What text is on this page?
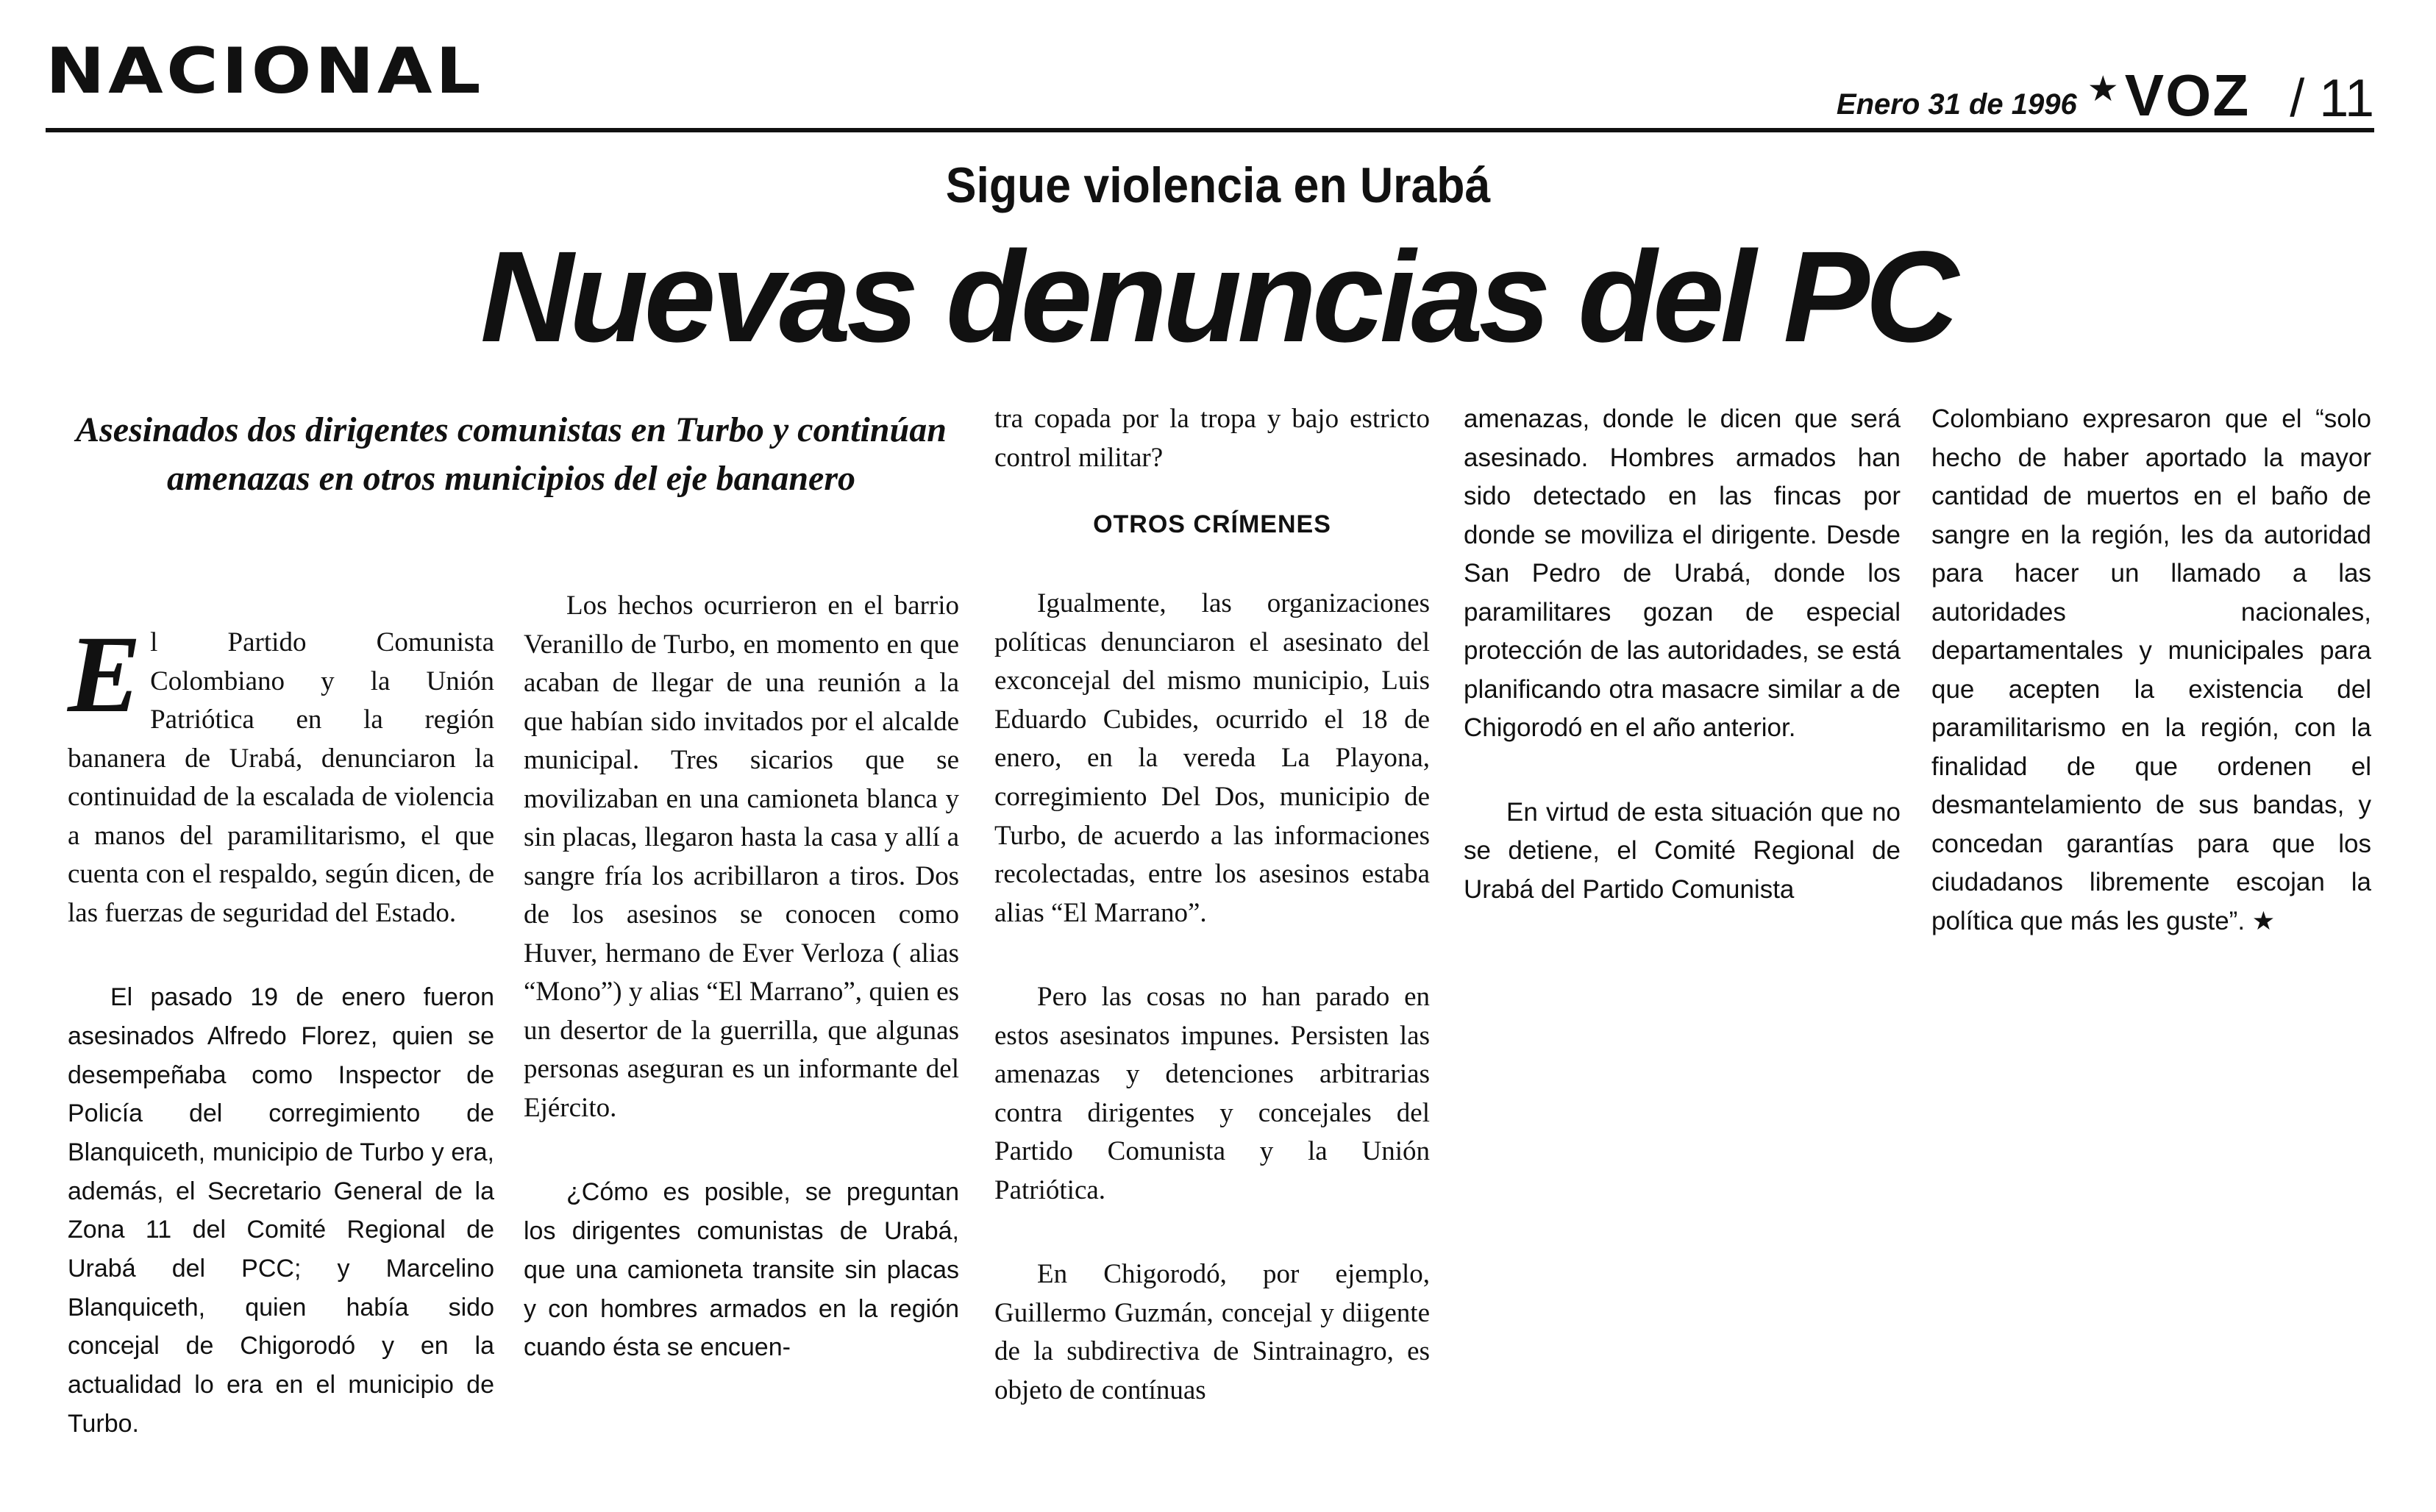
NACIONAL	Enero 31 de 1996 ★ VOZ / 11
Sigue violencia en Urabá
Nuevas denuncias del PC
Asesinados dos dirigentes comunistas en Turbo y continúan amenazas en otros municipios del eje bananero

El Partido Comunista Colombiano y la Unión Patriótica en la región bananera de Urabá, denunciaron la continuidad de la escalada de violencia a manos del paramilitarismo, el que cuenta con el respaldo, según dicen, de las fuerzas de seguridad del Estado.

El pasado 19 de enero fueron asesinados Alfredo Florez, quien se desempeñaba como Inspector de Policía del corregimiento de Blanquiceth, municipio de Turbo y era, además, el Secretario General de la Zona 11 del Comité Regional de Urabá del PCC; y Marcelino Blanquiceth, quien había sido concejal de Chigorodó y en la actualidad lo era en el municipio de Turbo.

Los hechos ocurrieron en el barrio Veranillo de Turbo, en momento en que acaban de llegar de una reunión a la que habían sido invitados por el alcalde municipal. Tres sicarios que se movilizaban en una camioneta blanca y sin placas, llegaron hasta la casa y allí a sangre fría los acribillaron a tiros. Dos de los asesinos se conocen como Huver, hermano de Ever Verloza ( alias “Mono”) y alias “El Marrano”, quien es un desertor de la guerrilla, que algunas personas aseguran es un informante del Ejército.

¿Cómo es posible, se preguntan los dirigentes comunistas de Urabá, que una camioneta transite sin placas y con hombres armados en la región cuando ésta se encuen-

tra copada por la tropa y bajo estricto control militar?

OTROS CRÍMENES

Igualmente, las organizaciones políticas denunciaron el asesinato del exconcejal del mismo municipio, Luis Eduardo Cubides, ocurrido el 18 de enero, en la vereda La Playona, corregimiento Del Dos, municipio de Turbo, de acuerdo a las informaciones recolectadas, entre los asesinos estaba alias “El Marrano”.

Pero las cosas no han parado en estos asesinatos impunes. Persisten las amenazas y detenciones arbitrarias contra dirigentes y concejales del Partido Comunista y la Unión Patriótica.

En Chigorodó, por ejemplo, Guillermo Guzmán, concejal y diigente de la subdirectiva de Sintrainagro, es objeto de contínuas

amenazas, donde le dicen que será asesinado. Hombres armados han sido detectado en las fincas por donde se moviliza el dirigente. Desde San Pedro de Urabá, donde los paramilitares gozan de especial protección de las autoridades, se está planificando otra masacre similar a de Chigorodó en el año anterior.

En virtud de esta situación que no se detiene, el Comité Regional de Urabá del Partido Comunista

Colombiano expresaron que el “solo hecho de haber aportado la mayor cantidad de muertos en el baño de sangre en la región, les da autoridad para hacer un llamado a las autoridades nacionales, departamentales y municipales para que acepten la existencia del paramilitarismo en la región, con la finalidad de que ordenen el desmantelamiento de sus bandas, y concedan garantías para que los ciudadanos libremente escojan la política que más les guste”. ★
